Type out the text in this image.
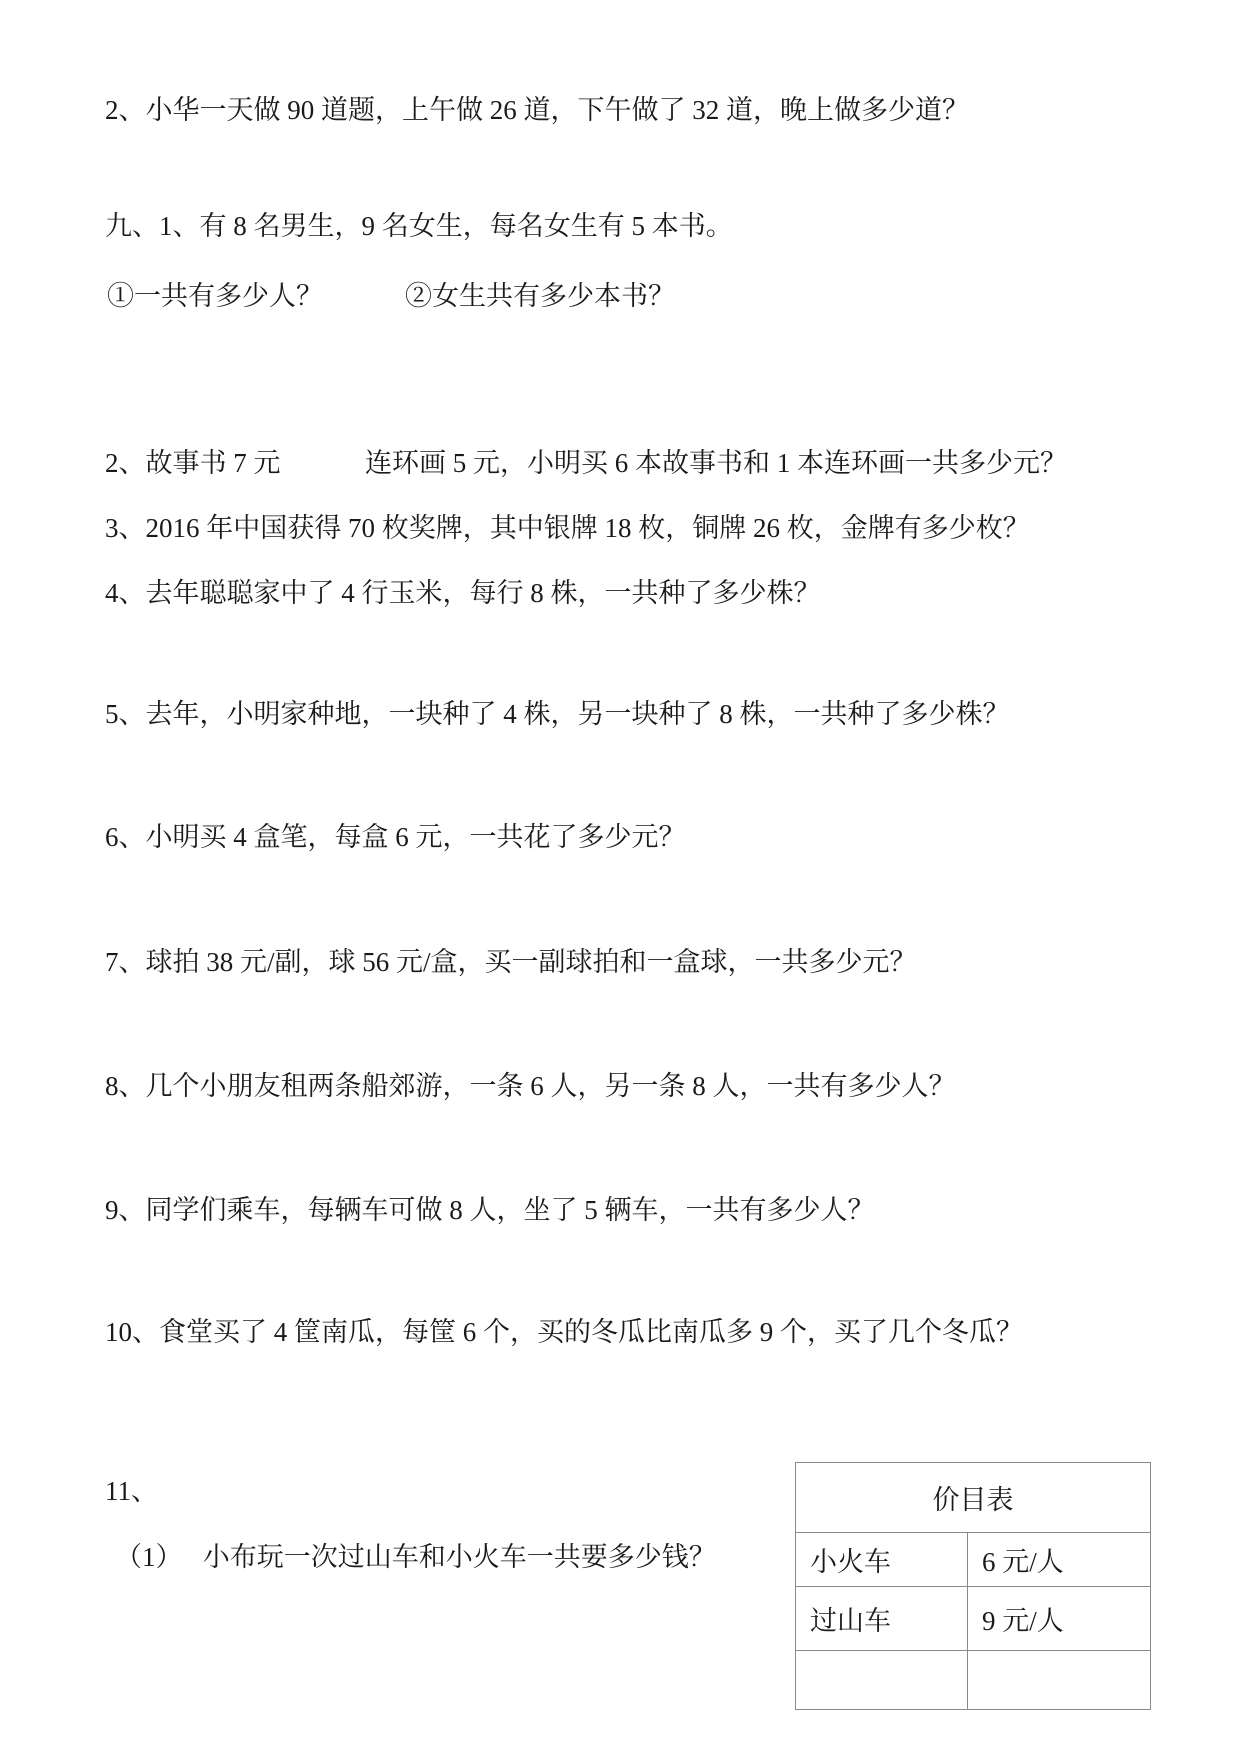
2、小华一天做 90 道题，上午做 26 道，下午做了 32 道，晚上做多少道？
九、1、有 8 名男生，9 名女生，每名女生有 5 本书。
①一共有多少人？	②女生共有多少本书？
2、故事书 7 元	连环画 5 元，小明买 6 本故事书和 1 本连环画一共多少元？
3、2016 年中国获得 70 枚奖牌，其中银牌 18 枚，铜牌 26 枚，金牌有多少枚？
4、去年聪聪家中了 4 行玉米，每行 8 株，一共种了多少株？
5、去年，小明家种地，一块种了 4 株，另一块种了 8 株，一共种了多少株？
6、小明买 4 盒笔，每盒 6 元，一共花了多少元？
7、球拍 38 元/副，球 56 元/盒，买一副球拍和一盒球，一共多少元？
8、几个小朋友租两条船郊游，一条 6 人，另一条 8 人，一共有多少人？
9、同学们乘车，每辆车可做 8 人，坐了 5 辆车，一共有多少人？
10、食堂买了 4 筐南瓜，每筐 6 个，买的冬瓜比南瓜多 9 个，买了几个冬瓜？
11、
（1）   小布玩一次过山车和小火车一共要多少钱？
价目表	
小火车	6 元/人
过山车	9 元/人
